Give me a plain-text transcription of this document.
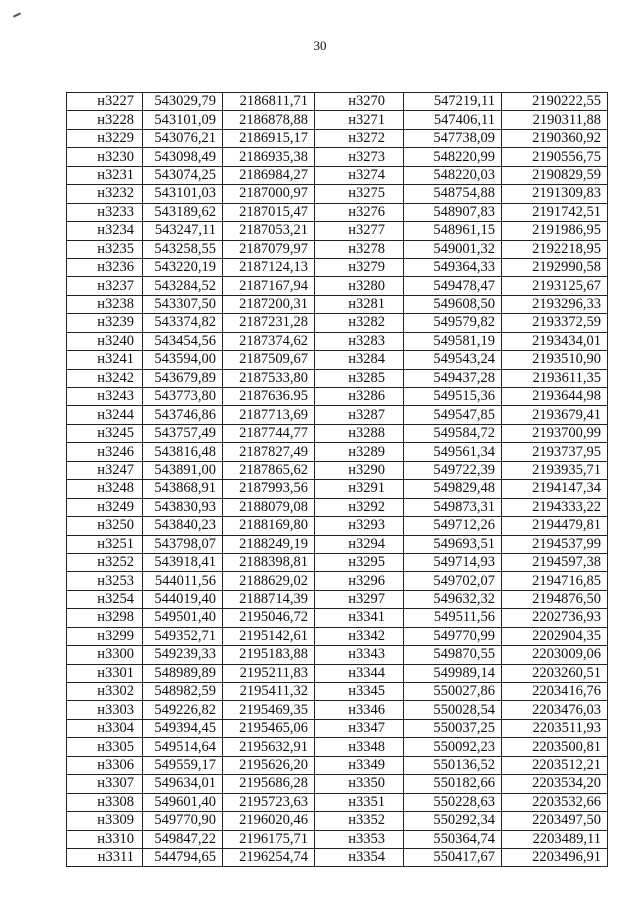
30
н3227	543029,79	2186811,71	н3270	547219,11	2190222,55
н3228	543101,09	2186878,88	н3271	547406,11	2190311,88
н3229	543076,21	2186915,17	н3272	547738,09	2190360,92
н3230	543098,49	2186935,38	н3273	548220,99	2190556,75
н3231	543074,25	2186984,27	н3274	548220,03	2190829,59
н3232	543101,03	2187000,97	н3275	548754,88	2191309,83
н3233	543189,62	2187015,47	н3276	548907,83	2191742,51
н3234	543247,11	2187053,21	н3277	548961,15	2191986,95
н3235	543258,55	2187079,97	н3278	549001,32	2192218,95
н3236	543220,19	2187124,13	н3279	549364,33	2192990,58
н3237	543284,52	2187167,94	н3280	549478,47	2193125,67
н3238	543307,50	2187200,31	н3281	549608,50	2193296,33
н3239	543374,82	2187231,28	н3282	549579,82	2193372,59
н3240	543454,56	2187374,62	н3283	549581,19	2193434,01
н3241	543594,00	2187509,67	н3284	549543,24	2193510,90
н3242	543679,89	2187533,80	н3285	549437,28	2193611,35
н3243	543773,80	2187636.95	н3286	549515,36	2193644,98
н3244	543746,86	2187713,69	н3287	549547,85	2193679,41
н3245	543757,49	2187744,77	н3288	549584,72	2193700,99
н3246	543816,48	2187827,49	н3289	549561,34	2193737,95
н3247	543891,00	2187865,62	н3290	549722,39	2193935,71
н3248	543868,91	2187993,56	н3291	549829,48	2194147,34
н3249	543830,93	2188079,08	н3292	549873,31	2194333,22
н3250	543840,23	2188169,80	н3293	549712,26	2194479,81
н3251	543798,07	2188249,19	н3294	549693,51	2194537,99
н3252	543918,41	2188398,81	н3295	549714,93	2194597,38
н3253	544011,56	2188629,02	н3296	549702,07	2194716,85
н3254	544019,40	2188714,39	н3297	549632,32	2194876,50
н3298	549501,40	2195046,72	н3341	549511,56	2202736,93
н3299	549352,71	2195142,61	н3342	549770,99	2202904,35
н3300	549239,33	2195183,88	н3343	549870,55	2203009,06
н3301	548989,89	2195211,83	н3344	549989,14	2203260,51
н3302	548982,59	2195411,32	н3345	550027,86	2203416,76
н3303	549226,82	2195469,35	н3346	550028,54	2203476,03
н3304	549394,45	2195465,06	н3347	550037,25	2203511,93
н3305	549514,64	2195632,91	н3348	550092,23	2203500,81
н3306	549559,17	2195626,20	н3349	550136,52	2203512,21
н3307	549634,01	2195686,28	н3350	550182,66	2203534,20
н3308	549601,40	2195723,63	н3351	550228,63	2203532,66
н3309	549770,90	2196020,46	н3352	550292,34	2203497,50
н3310	549847,22	2196175,71	н3353	550364,74	2203489,11
н3311	544794,65	2196254,74	н3354	550417,67	2203496,91
